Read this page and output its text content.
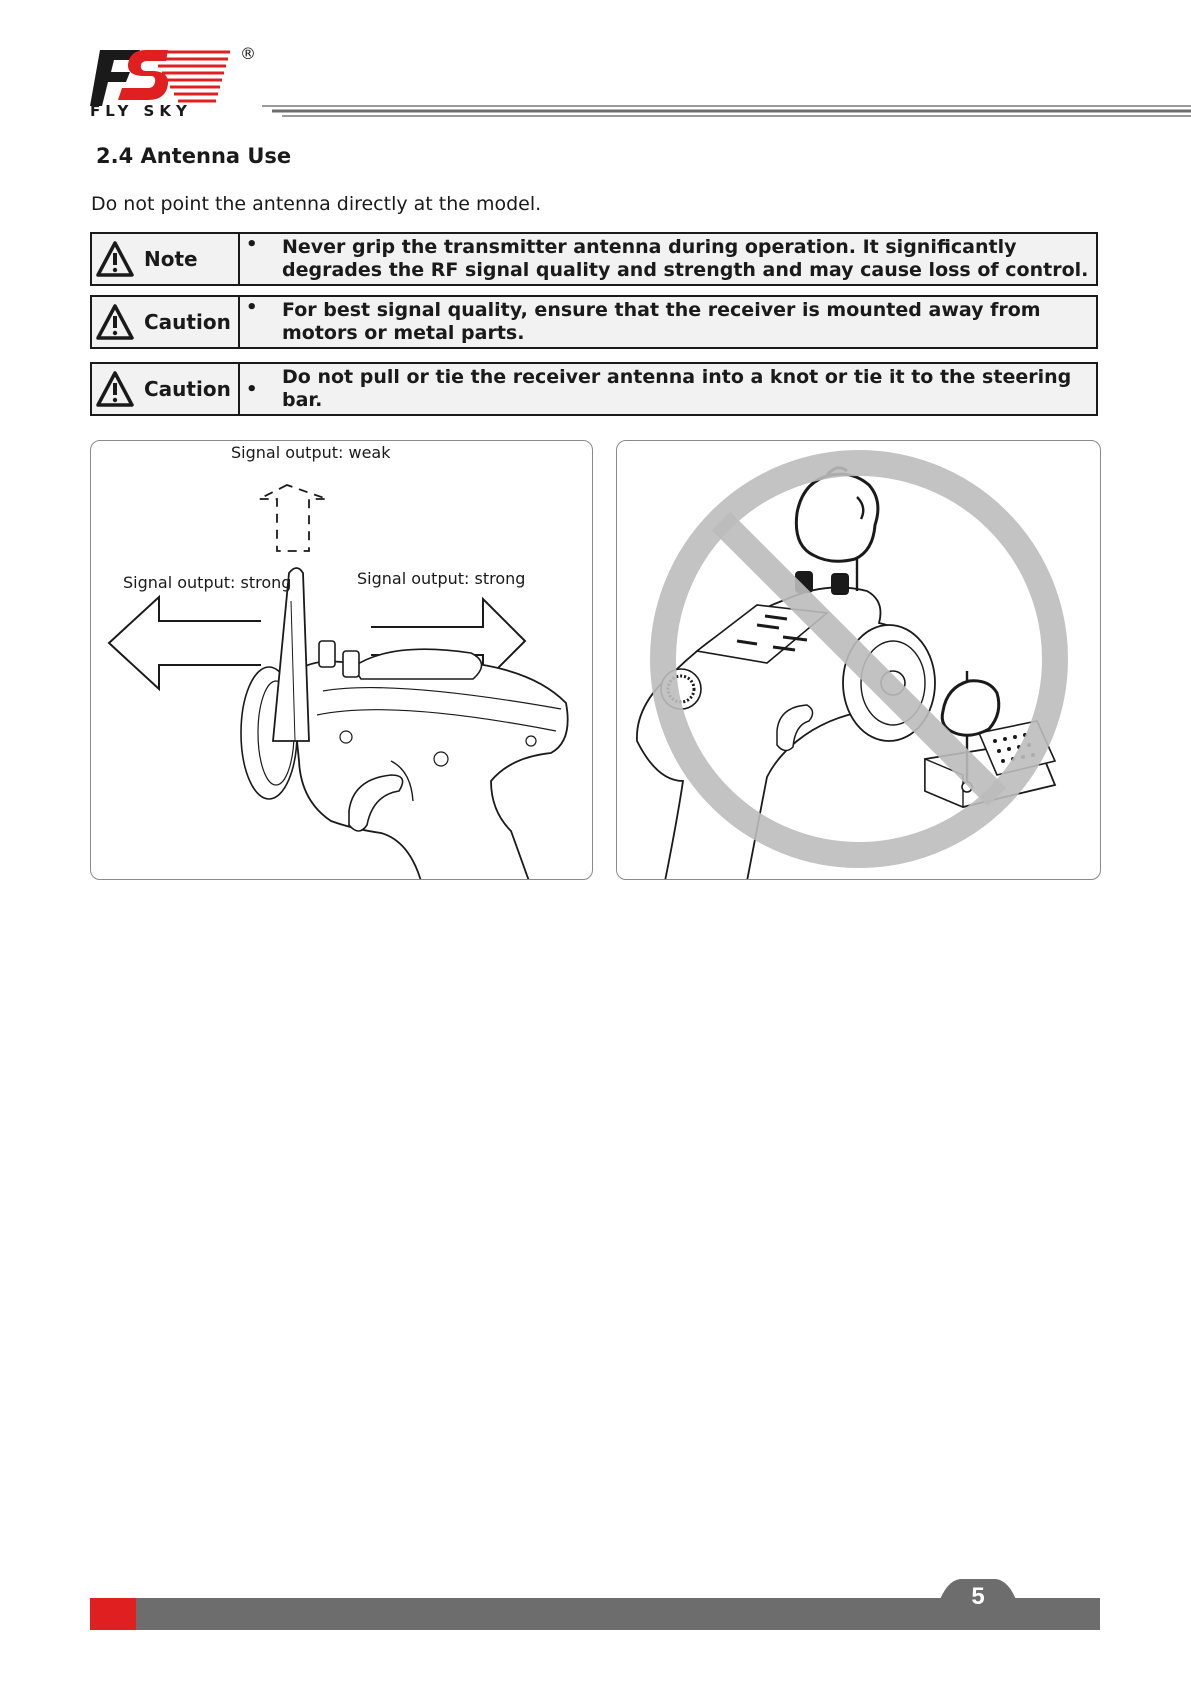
®
FLY SKY
2.4 Antenna Use

Do not point the antenna directly at the model.

Note
•	Never grip the transmitter antenna during operation. It significantly degrades the RF signal quality and strength and may cause loss of control.
Caution
•	For best signal quality, ensure that the receiver is mounted away from motors or metal parts.
Caution •
Do not pull or tie the receiver antenna into a knot or tie it to the steering bar.
Signal output: weak
Signal output: strong	Signal output: strong
5
